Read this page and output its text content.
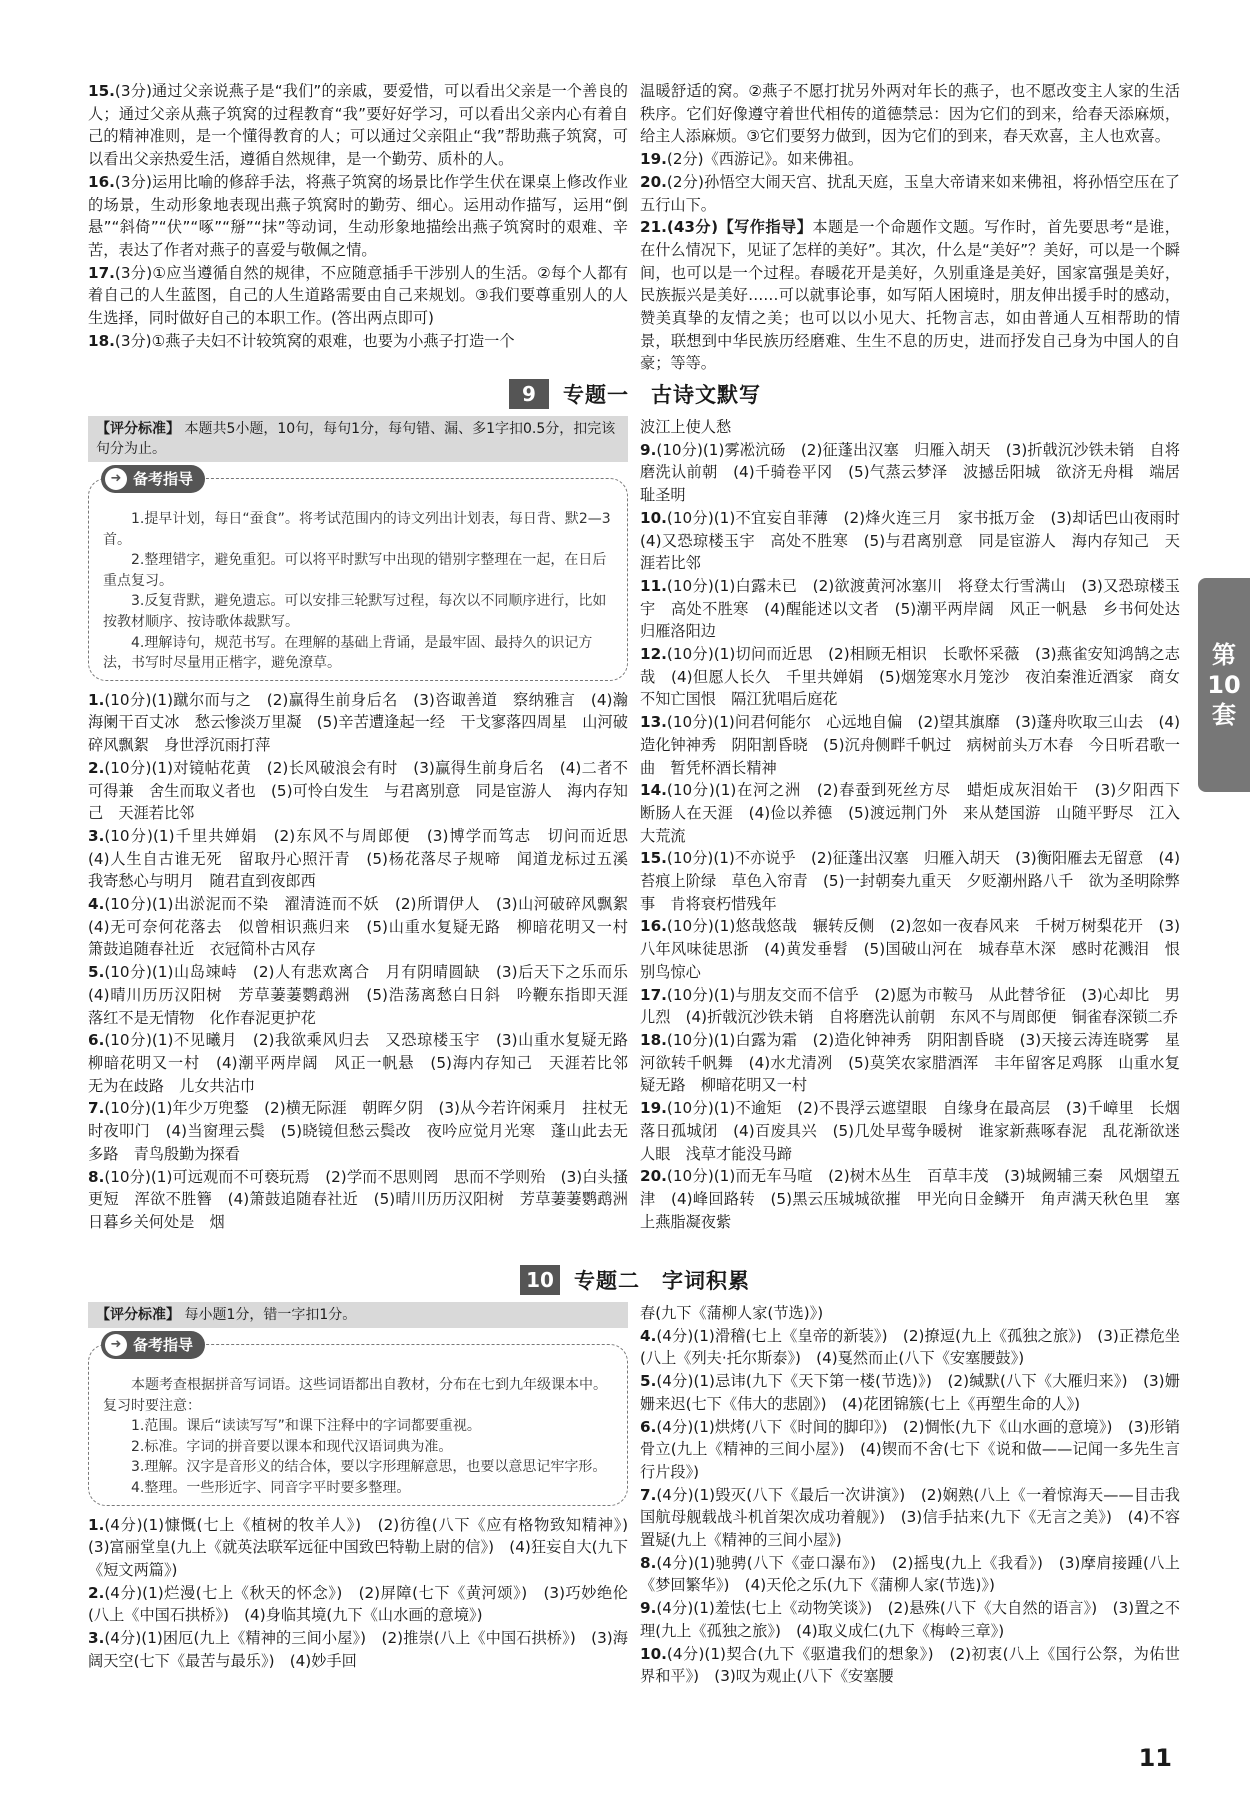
15.(3分)通过父亲说燕子是“我们”的亲戚，要爱惜，可以看出父亲是一个善良的人；通过父亲从燕子筑窝的过程教育“我”要好好学习，可以看出父亲内心有着自己的精神准则，是一个懂得教育的人；可以通过父亲阻止“我”帮助燕子筑窝，可以看出父亲热爱生活，遵循自然规律，是一个勤劳、质朴的人。

16.(3分)运用比喻的修辞手法，将燕子筑窝的场景比作学生伏在课桌上修改作业的场景，生动形象地表现出燕子筑窝时的勤劳、细心。运用动作描写，运用“倒悬”“斜倚”“伏”“啄”“掰”“抹”等动词，生动形象地描绘出燕子筑窝时的艰难、辛苦，表达了作者对燕子的喜爱与敬佩之情。

17.(3分)①应当遵循自然的规律，不应随意插手干涉别人的生活。②每个人都有着自己的人生蓝图，自己的人生道路需要由自己来规划。③我们要尊重别人的人生选择，同时做好自己的本职工作。(答出两点即可)

18.(3分)①燕子夫妇不计较筑窝的艰难，也要为小燕子打造一个

温暖舒适的窝。②燕子不愿打扰另外两对年长的燕子，也不愿改变主人家的生活秩序。它们好像遵守着世代相传的道德禁忌：因为它们的到来，给春天添麻烦，给主人添麻烦。③它们要努力做到，因为它们的到来，春天欢喜，主人也欢喜。

19.(2分)《西游记》。如来佛祖。

20.(2分)孙悟空大闹天宫、扰乱天庭，玉皇大帝请来如来佛祖，将孙悟空压在了五行山下。

21.(43分)【写作指导】本题是一个命题作文题。写作时，首先要思考“是谁，在什么情况下，见证了怎样的美好”。其次，什么是“美好”？美好，可以是一个瞬间，也可以是一个过程。春暖花开是美好，久别重逢是美好，国家富强是美好，民族振兴是美好……可以就事论事，如写陌人困境时，朋友伸出援手时的感动，赞美真挚的友情之美；也可以以小见大、托物言志，如由普通人互相帮助的情景，联想到中华民族历经磨难、生生不息的历史，进而抒发自己身为中国人的自豪；等等。

9	专题一　古诗文默写
【评分标准】 本题共5小题，10句，每句1分，每句错、漏、多1字扣0.5分，扣完该句分为止。
➜ 备考指导

1.提早计划，每日“蚕食”。将考试范围内的诗文列出计划表，每日背、默2—3首。

2.整理错字，避免重犯。可以将平时默写中出现的错别字整理在一起，在日后重点复习。

3.反复背默，避免遗忘。可以安排三轮默写过程，每次以不同顺序进行，比如按教材顺序、按诗歌体裁默写。

4.理解诗句，规范书写。在理解的基础上背诵，是最牢固、最持久的识记方法，书写时尽量用正楷字，避免潦草。

1.(10分)(1)蹴尔而与之　(2)赢得生前身后名　(3)咨诹善道　察纳雅言　(4)瀚海阑干百丈冰　愁云惨淡万里凝　(5)辛苦遭逢起一经　干戈寥落四周星　山河破碎风飘絮　身世浮沉雨打萍

2.(10分)(1)对镜帖花黄　(2)长风破浪会有时　(3)赢得生前身后名　(4)二者不可得兼　舍生而取义者也　(5)可怜白发生　与君离别意　同是宦游人　海内存知己　天涯若比邻

3.(10分)(1)千里共婵娟　(2)东风不与周郎便　(3)博学而笃志　切问而近思　(4)人生自古谁无死　留取丹心照汗青　(5)杨花落尽子规啼　闻道龙标过五溪　我寄愁心与明月　随君直到夜郎西

4.(10分)(1)出淤泥而不染　濯清涟而不妖　(2)所谓伊人　(3)山河破碎风飘絮　(4)无可奈何花落去　似曾相识燕归来　(5)山重水复疑无路　柳暗花明又一村　箫鼓追随春社近　衣冠简朴古风存

5.(10分)(1)山岛竦峙　(2)人有悲欢离合　月有阴晴圆缺　(3)后天下之乐而乐　(4)晴川历历汉阳树　芳草萋萋鹦鹉洲　(5)浩荡离愁白日斜　吟鞭东指即天涯　落红不是无情物　化作春泥更护花

6.(10分)(1)不见曦月　(2)我欲乘风归去　又恐琼楼玉宇　(3)山重水复疑无路　柳暗花明又一村　(4)潮平两岸阔　风正一帆悬　(5)海内存知己　天涯若比邻　无为在歧路　儿女共沾巾

7.(10分)(1)年少万兜鍪　(2)横无际涯　朝晖夕阴　(3)从今若许闲乘月　拄杖无时夜叩门　(4)当窗理云鬓　(5)晓镜但愁云鬓改　夜吟应觉月光寒　蓬山此去无多路　青鸟殷勤为探看

8.(10分)(1)可远观而不可亵玩焉　(2)学而不思则罔　思而不学则殆　(3)白头搔更短　浑欲不胜簪　(4)箫鼓追随春社近　(5)晴川历历汉阳树　芳草萋萋鹦鹉洲　日暮乡关何处是　烟

波江上使人愁

9.(10分)(1)雾凇沆砀　(2)征蓬出汉塞　归雁入胡天　(3)折戟沉沙铁未销　自将磨洗认前朝　(4)千骑卷平冈　(5)气蒸云梦泽　波撼岳阳城　欲济无舟楫　端居耻圣明

10.(10分)(1)不宜妄自菲薄　(2)烽火连三月　家书抵万金　(3)却话巴山夜雨时　(4)又恐琼楼玉宇　高处不胜寒　(5)与君离别意　同是宦游人　海内存知己　天涯若比邻

11.(10分)(1)白露未已　(2)欲渡黄河冰塞川　将登太行雪满山　(3)又恐琼楼玉宇　高处不胜寒　(4)醒能述以文者　(5)潮平两岸阔　风正一帆悬　乡书何处达　归雁洛阳边

12.(10分)(1)切问而近思　(2)相顾无相识　长歌怀采薇　(3)燕雀安知鸿鹄之志哉　(4)但愿人长久　千里共婵娟　(5)烟笼寒水月笼沙　夜泊秦淮近酒家　商女不知亡国恨　隔江犹唱后庭花

13.(10分)(1)问君何能尔　心远地自偏　(2)望其旗靡　(3)蓬舟吹取三山去　(4)造化钟神秀　阴阳割昏晓　(5)沉舟侧畔千帆过　病树前头万木春　今日听君歌一曲　暂凭杯酒长精神

14.(10分)(1)在河之洲　(2)春蚕到死丝方尽　蜡炬成灰泪始干　(3)夕阳西下　断肠人在天涯　(4)俭以养德　(5)渡远荆门外　来从楚国游　山随平野尽　江入大荒流

15.(10分)(1)不亦说乎　(2)征蓬出汉塞　归雁入胡天　(3)衡阳雁去无留意　(4)苔痕上阶绿　草色入帘青　(5)一封朝奏九重天　夕贬潮州路八千　欲为圣明除弊事　肯将衰朽惜残年

16.(10分)(1)悠哉悠哉　辗转反侧　(2)忽如一夜春风来　千树万树梨花开　(3)八年风味徒思浙　(4)黄发垂髫　(5)国破山河在　城春草木深　感时花溅泪　恨别鸟惊心

17.(10分)(1)与朋友交而不信乎　(2)愿为市鞍马　从此替爷征　(3)心却比　男儿烈　(4)折戟沉沙铁未销　自将磨洗认前朝　东风不与周郎便　铜雀春深锁二乔

18.(10分)(1)白露为霜　(2)造化钟神秀　阴阳割昏晓　(3)天接云涛连晓雾　星河欲转千帆舞　(4)水尤清冽　(5)莫笑农家腊酒浑　丰年留客足鸡豚　山重水复疑无路　柳暗花明又一村

19.(10分)(1)不逾矩　(2)不畏浮云遮望眼　自缘身在最高层　(3)千嶂里　长烟落日孤城闭　(4)百废具兴　(5)几处早莺争暖树　谁家新燕啄春泥　乱花渐欲迷人眼　浅草才能没马蹄

20.(10分)(1)而无车马喧　(2)树木丛生　百草丰茂　(3)城阙辅三秦　风烟望五津　(4)峰回路转　(5)黑云压城城欲摧　甲光向日金鳞开　角声满天秋色里　塞上燕脂凝夜紫

10 专题二　字词积累
【评分标准】 每小题1分，错一字扣1分。
➜ 备考指导

本题考查根据拼音写词语。这些词语都出自教材，分布在七到九年级课本中。复习时要注意：

1.范围。课后“读读写写”和课下注释中的字词都要重视。

2.标准。字词的拼音要以课本和现代汉语词典为准。

3.理解。汉字是音形义的结合体，要以字形理解意思，也要以意思记牢字形。

4.整理。一些形近字、同音字平时要多整理。

1.(4分)(1)慷慨(七上《植树的牧羊人》)　(2)彷徨(八下《应有格物致知精神》)　(3)富丽堂皇(九上《就英法联军远征中国致巴特勒上尉的信》)　(4)狂妄自大(九下《短文两篇》)

2.(4分)(1)烂漫(七上《秋天的怀念》)　(2)屏障(七下《黄河颂》)　(3)巧妙绝伦(八上《中国石拱桥》)　(4)身临其境(九下《山水画的意境》)

3.(4分)(1)困厄(九上《精神的三间小屋》)　(2)推崇(八上《中国石拱桥》)　(3)海阔天空(七下《最苦与最乐》)　(4)妙手回

春(九下《蒲柳人家(节选)》)

4.(4分)(1)滑稽(七上《皇帝的新装》)　(2)撩逗(九上《孤独之旅》)　(3)正襟危坐(八上《列夫·托尔斯泰》)　(4)戛然而止(八下《安塞腰鼓》)

5.(4分)(1)忌讳(九下《天下第一楼(节选)》)　(2)缄默(八下《大雁归来》)　(3)姗姗来迟(七下《伟大的悲剧》)　(4)花团锦簇(七上《再塑生命的人》)

6.(4分)(1)烘烤(八下《时间的脚印》)　(2)惆怅(九下《山水画的意境》)　(3)形销骨立(九上《精神的三间小屋》)　(4)锲而不舍(七下《说和做——记闻一多先生言行片段》)

7.(4分)(1)毁灭(八下《最后一次讲演》)　(2)娴熟(八上《一着惊海天——目击我国航母舰载战斗机首架次成功着舰》)　(3)信手拈来(九下《无言之美》)　(4)不容置疑(九上《精神的三间小屋》)

8.(4分)(1)驰骋(八下《壶口瀑布》)　(2)摇曳(九上《我看》)　(3)摩肩接踵(八上《梦回繁华》)　(4)天伦之乐(九下《蒲柳人家(节选)》)

9.(4分)(1)羞怯(七上《动物笑谈》)　(2)悬殊(八下《大自然的语言》)　(3)置之不理(九上《孤独之旅》)　(4)取义成仁(九下《梅岭三章》)

10.(4分)(1)契合(九下《驱遣我们的想象》)　(2)初衷(八上《国行公祭，为佑世界和平》)　(3)叹为观止(八下《安塞腰

第
10
套
11
